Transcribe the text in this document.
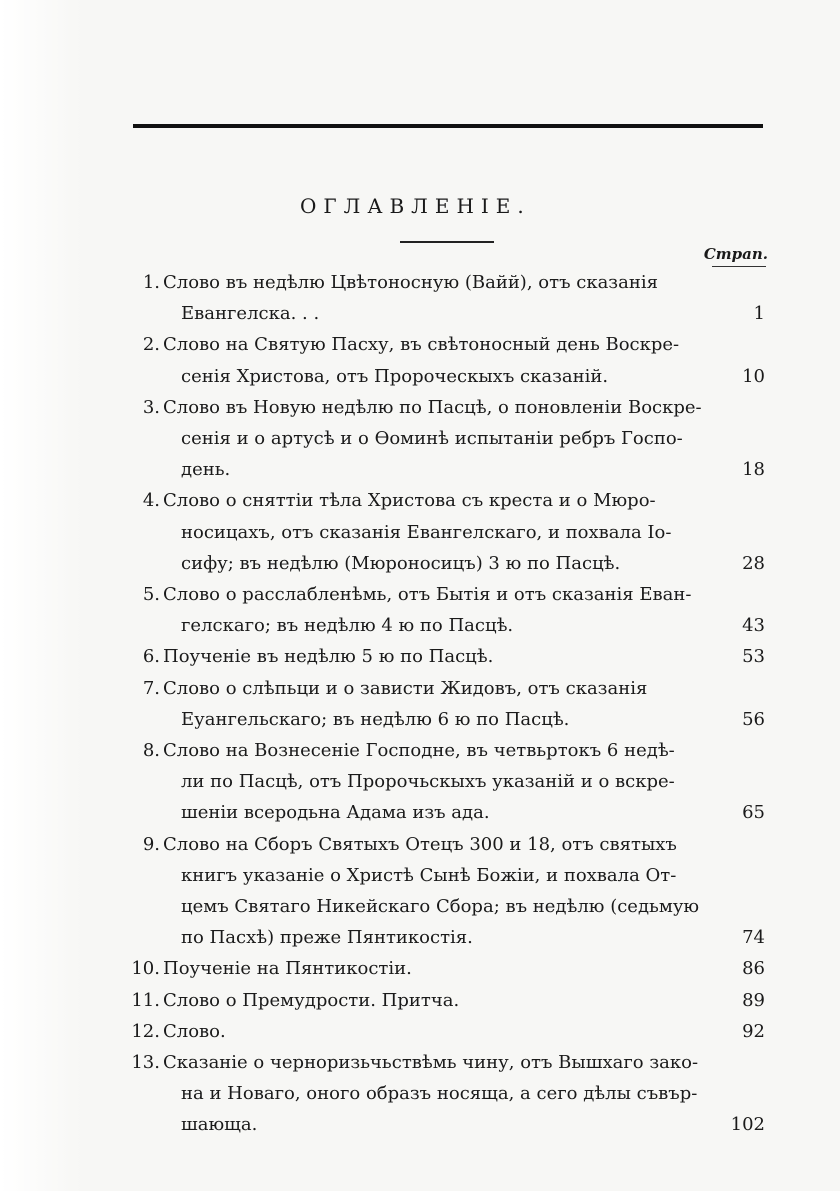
ОГЛАВЛЕНІЕ.
Страп.
1. Слово въ недѣлю Цвѣтоносную (Вайй), отъ сказанія
Евангелска. . .	1
2. Слово на Святую Пасху, въ свѣтоносный день Воскре-
сенія Христова, отъ Пророческыхъ сказаній.	10
3. Слово въ Новую недѣлю по Пасцѣ, о поновленіи Воскре-
сенія и о артусѣ и о Ѳоминѣ испытаніи ребръ Госпо-
день.	18
4. Слово о сняттіи тѣла Христова съ креста и о Мюро-
носицахъ, отъ сказанія Евангелскаго, и похвала Іо-
сифу; въ недѣлю (Мюроносицъ) 3 ю по Пасцѣ.	28
5. Слово о расслабленѣмь, отъ Бытія и отъ сказанія Еван-
гелскаго; въ недѣлю 4 ю по Пасцѣ.	43
6. Поученіе въ недѣлю 5 ю по Пасцѣ.	53
7. Слово о слѣпьци и о зависти Жидовъ, отъ сказанія
Еуангельскаго; въ недѣлю 6 ю по Пасцѣ.	56
8. Слово на Вознесеніе Господне, въ четвьртокъ 6 недѣ-
ли по Пасцѣ, отъ Пророчьскыхъ указаній и о вскре-
шеніи всеродьна Адама изъ ада.	65
9. Слово на Сборъ Святыхъ Отецъ 300 и 18, отъ святыхъ
книгъ указаніе о Христѣ Сынѣ Божіи, и похвала От-
цемъ Святаго Никейскаго Сбора; въ недѣлю (седьмую
по Пасхѣ) преже Пянтикостія.	74
10. Поученіе на Пянтикостіи.	86
11. Слово о Премудрости. Притча.	89
12. Слово.	92
13. Сказаніе о черноризьчьствѣмь чину, отъ Вышхаго зако-
на и Новаго, оного образъ носяща, а сего дѣлы съвър-
шающа.	102
